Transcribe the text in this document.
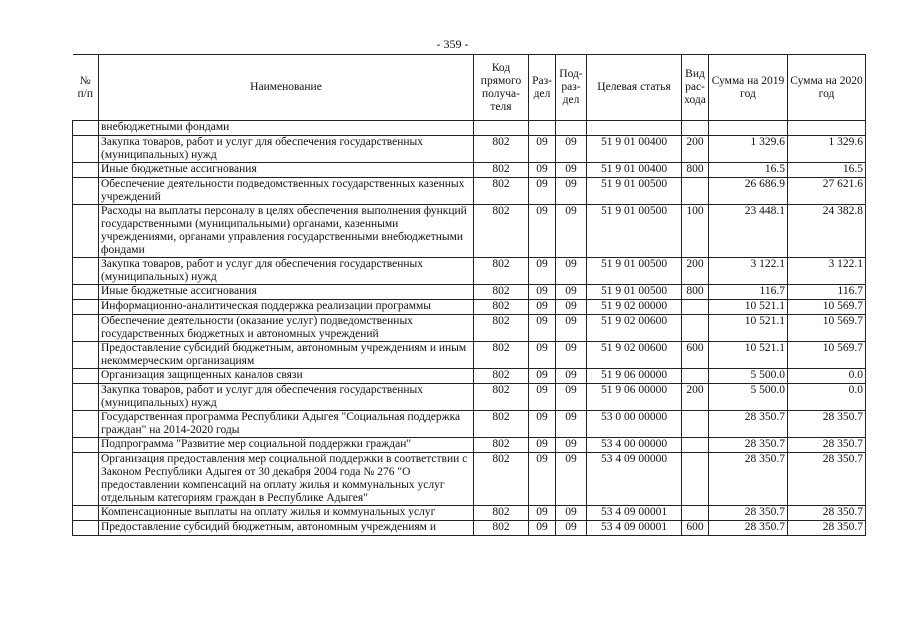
- 359 -
№ п/п	Наименование	Код прямого получа-теля	Раз-дел	Под-раз-дел	Целевая статья	Вид рас-хода	Сумма на 2019 год	Сумма на 2020 год
	внебюджетными фондами							
	Закупка товаров, работ и услуг для обеспечения государственных (муниципальных) нужд	802	09	09	51 9 01 00400	200	1 329.6	1 329.6
	Иные бюджетные ассигнования	802	09	09	51 9 01 00400	800	16.5	16.5
	Обеспечение деятельности подведомственных государственных казенных учреждений	802	09	09	51 9 01 00500		26 686.9	27 621.6
	Расходы на выплаты персоналу в целях обеспечения выполнения функций государственными (муниципальными) органами, казенными учреждениями, органами управления государственными внебюджетными фондами	802	09	09	51 9 01 00500	100	23 448.1	24 382.8
	Закупка товаров, работ и услуг для обеспечения государственных (муниципальных) нужд	802	09	09	51 9 01 00500	200	3 122.1	3 122.1
	Иные бюджетные ассигнования	802	09	09	51 9 01 00500	800	116.7	116.7
	Информационно-аналитическая поддержка реализации программы	802	09	09	51 9 02 00000		10 521.1	10 569.7
	Обеспечение деятельности (оказание услуг) подведомственных государственных бюджетных и автономных учреждений	802	09	09	51 9 02 00600		10 521.1	10 569.7
	Предоставление субсидий бюджетным, автономным учреждениям и иным некоммерческим организациям	802	09	09	51 9 02 00600	600	10 521.1	10 569.7
	Организация защищенных каналов связи	802	09	09	51 9 06 00000		5 500.0	0.0
	Закупка товаров, работ и услуг для обеспечения государственных (муниципальных) нужд	802	09	09	51 9 06 00000	200	5 500.0	0.0
	Государственная программа Республики Адыгея "Социальная поддержка граждан" на 2014-2020 годы	802	09	09	53 0 00 00000		28 350.7	28 350.7
	Подпрограмма "Развитие мер социальной поддержки граждан"	802	09	09	53 4 00 00000		28 350.7	28 350.7
	Организация предоставления мер социальной поддержки в соответствии с Законом Республики Адыгея от 30 декабря 2004 года № 276 "О предоставлении компенсаций на оплату жилья и коммунальных услуг отдельным категориям граждан в Республике Адыгея"	802	09	09	53 4 09 00000		28 350.7	28 350.7
	Компенсационные выплаты на оплату жилья и коммунальных услуг	802	09	09	53 4 09 00001		28 350.7	28 350.7
	Предоставление субсидий бюджетным, автономным учреждениям и	802	09	09	53 4 09 00001	600	28 350.7	28 350.7
